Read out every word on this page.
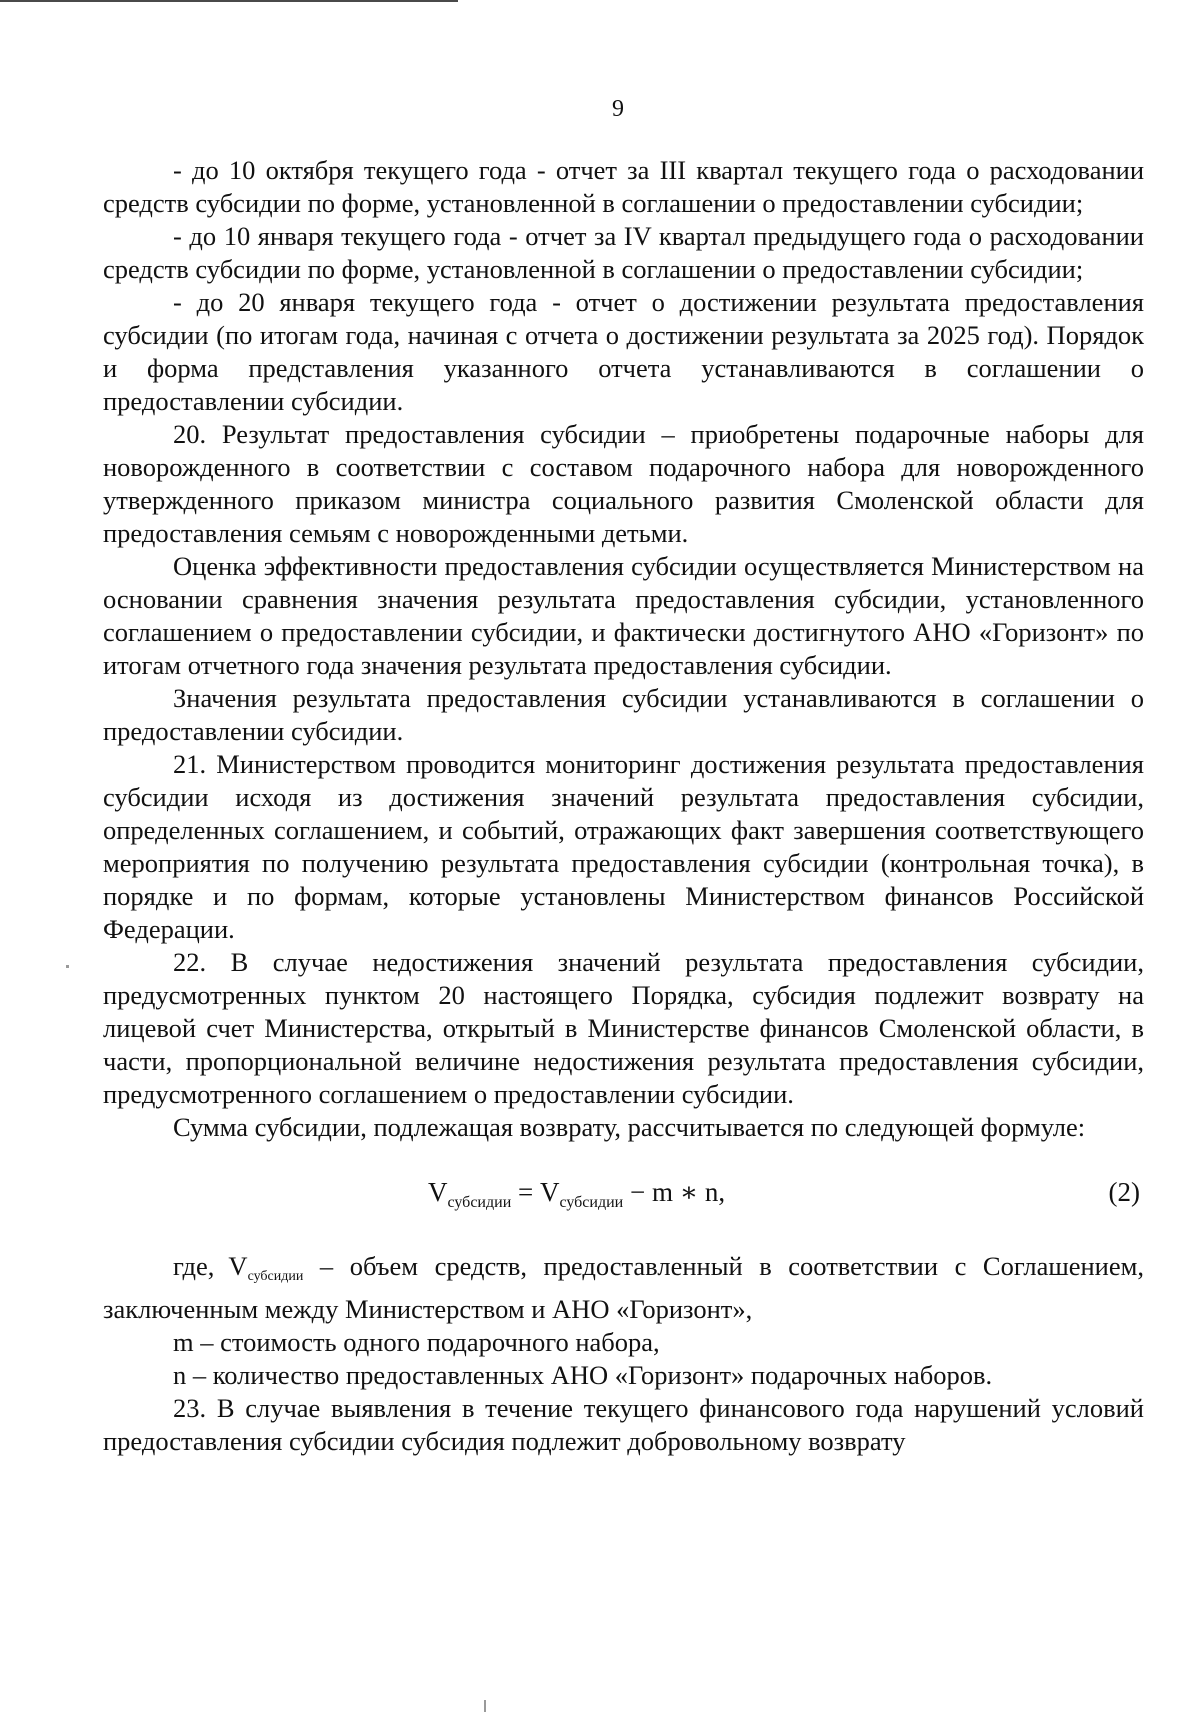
9

- до 10 октября текущего года - отчет за III квартал текущего года о расходовании средств субсидии по форме, установленной в соглашении о предоставлении субсидии;

- до 10 января текущего года - отчет за IV квартал предыдущего года о расходовании средств субсидии по форме, установленной в соглашении о предоставлении субсидии;

- до 20 января текущего года - отчет о достижении результата предоставления субсидии (по итогам года, начиная с отчета о достижении результата за 2025 год). Порядок и форма представления указанного отчета устанавливаются в соглашении о предоставлении субсидии.

20. Результат предоставления субсидии – приобретены подарочные наборы для новорожденного в соответствии с составом подарочного набора для новорожденного утвержденного приказом министра социального развития Смоленской области для предоставления семьям с новорожденными детьми.

Оценка эффективности предоставления субсидии осуществляется Министерством на основании сравнения значения результата предоставления субсидии, установленного соглашением о предоставлении субсидии, и фактически достигнутого АНО «Горизонт» по итогам отчетного года значения результата предоставления субсидии.

Значения результата предоставления субсидии устанавливаются в соглашении о предоставлении субсидии.

21. Министерством проводится мониторинг достижения результата предоставления субсидии исходя из достижения значений результата предоставления субсидии, определенных соглашением, и событий, отражающих факт завершения соответствующего мероприятия по получению результата предоставления субсидии (контрольная точка), в порядке и по формам, которые установлены Министерством финансов Российской Федерации.

22. В случае недостижения значений результата предоставления субсидии, предусмотренных пунктом 20 настоящего Порядка, субсидия подлежит возврату на лицевой счет Министерства, открытый в Министерстве финансов Смоленской области, в части, пропорциональной величине недостижения результата предоставления субсидии, предусмотренного соглашением о предоставлении субсидии.

Сумма субсидии, подлежащая возврату, рассчитывается по следующей формуле:

$V_{субсидии} = V_{субсидии} - m$ ∗ n,	(2)

где, Vсубсидии – объем средств, предоставленный в соответствии с Соглашением, заключенным между Министерством и АНО «Горизонт»,

m – стоимость одного подарочного набора,

n – количество предоставленных АНО «Горизонт» подарочных наборов.

23. В случае выявления в течение текущего финансового года нарушений условий предоставления субсидии субсидия подлежит добровольному возврату
